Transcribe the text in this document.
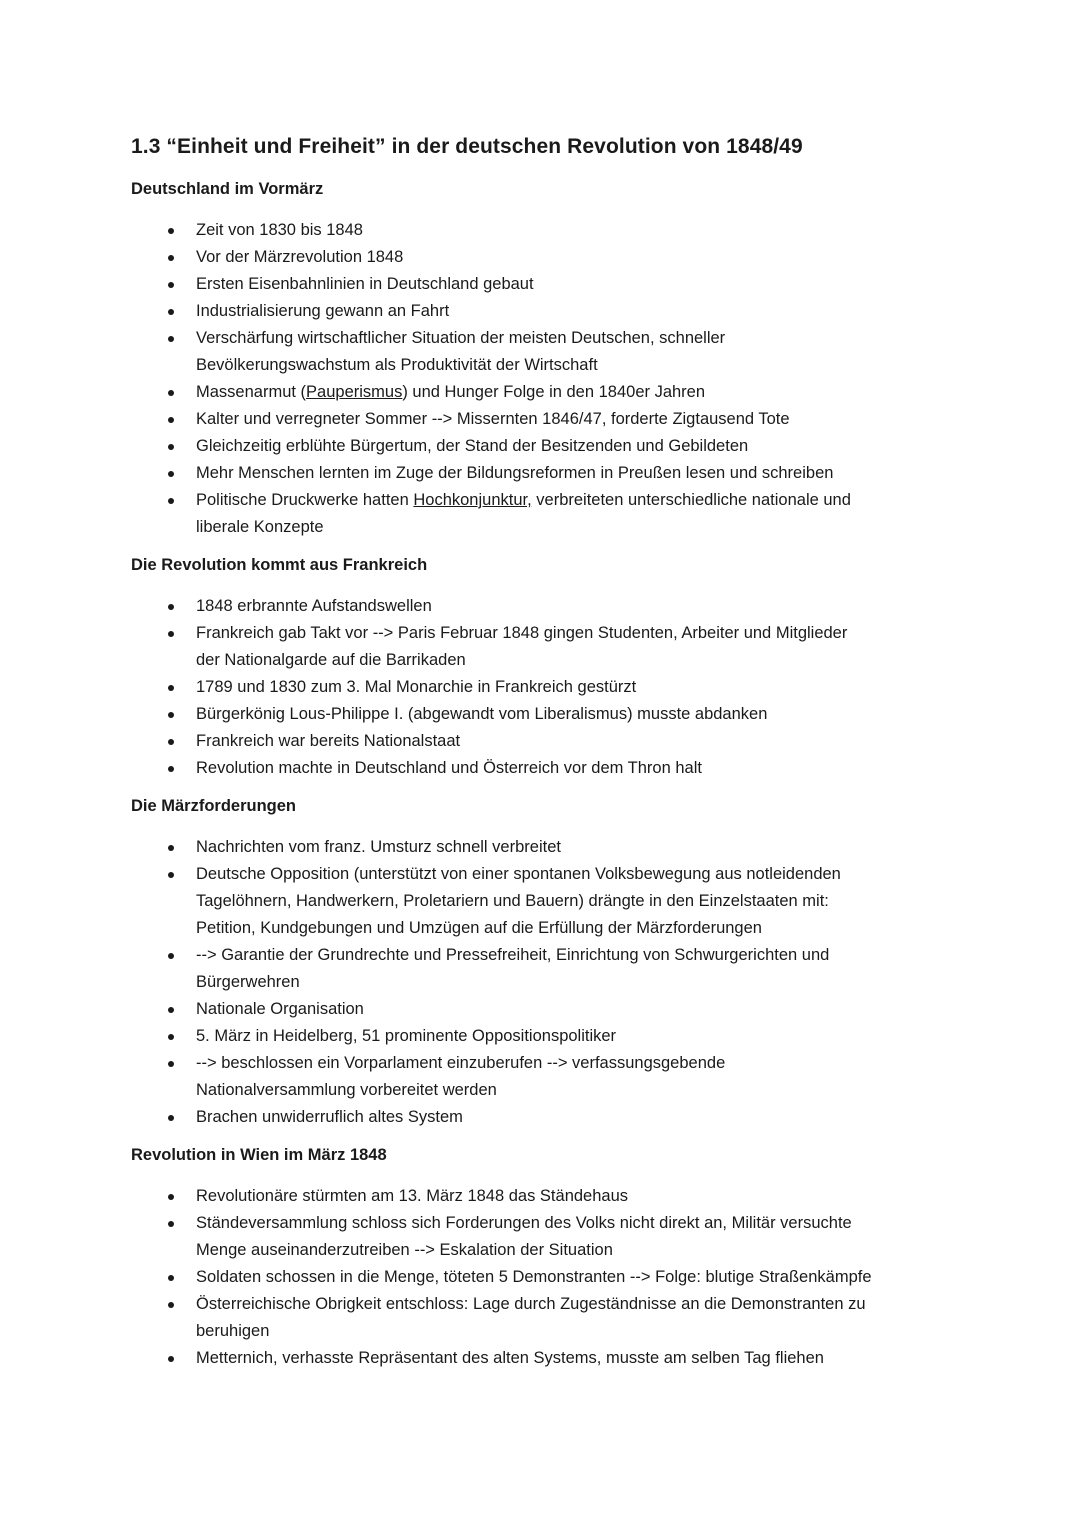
1.3 “Einheit und Freiheit” in der deutschen Revolution von 1848/49
Deutschland im Vormärz
Zeit von 1830 bis 1848
Vor der Märzrevolution 1848
Ersten Eisenbahnlinien in Deutschland gebaut
Industrialisierung gewann an Fahrt
Verschärfung wirtschaftlicher Situation der meisten Deutschen, schneller
Bevölkerungswachstum als Produktivität der Wirtschaft
Massenarmut (Pauperismus) und Hunger Folge in den 1840er Jahren
Kalter und verregneter Sommer --> Missernten 1846/47, forderte Zigtausend Tote
Gleichzeitig erblühte Bürgertum, der Stand der Besitzenden und Gebildeten
Mehr Menschen lernten im Zuge der Bildungsreformen in Preußen lesen und schreiben
Politische Druckwerke hatten Hochkonjunktur, verbreiteten unterschiedliche nationale und
liberale Konzepte
Die Revolution kommt aus Frankreich
1848 erbrannte Aufstandswellen
Frankreich gab Takt vor --> Paris Februar 1848 gingen Studenten, Arbeiter und Mitglieder
der Nationalgarde auf die Barrikaden
1789 und 1830 zum 3. Mal Monarchie in Frankreich gestürzt
Bürgerkönig Lous-Philippe I. (abgewandt vom Liberalismus) musste abdanken
Frankreich war bereits Nationalstaat
Revolution machte in Deutschland und Österreich vor dem Thron halt
Die Märzforderungen
Nachrichten vom franz. Umsturz schnell verbreitet
Deutsche Opposition (unterstützt von einer spontanen Volksbewegung aus notleidenden
Tagelöhnern, Handwerkern, Proletariern und Bauern) drängte in den Einzelstaaten mit:
Petition, Kundgebungen und Umzügen auf die Erfüllung der Märzforderungen
--> Garantie der Grundrechte und Pressefreiheit, Einrichtung von Schwurgerichten und
Bürgerwehren
Nationale Organisation
5. März in Heidelberg, 51 prominente Oppositionspolitiker
--> beschlossen ein Vorparlament einzuberufen --> verfassungsgebende
Nationalversammlung vorbereitet werden
Brachen unwiderruflich altes System
Revolution in Wien im März 1848
Revolutionäre stürmten am 13. März 1848 das Ständehaus
Ständeversammlung schloss sich Forderungen des Volks nicht direkt an, Militär versuchte
Menge auseinanderzutreiben --> Eskalation der Situation
Soldaten schossen in die Menge, töteten 5 Demonstranten --> Folge: blutige Straßenkämpfe
Österreichische Obrigkeit entschloss: Lage durch Zugeständnisse an die Demonstranten zu
beruhigen
Metternich, verhasste Repräsentant des alten Systems, musste am selben Tag fliehen
